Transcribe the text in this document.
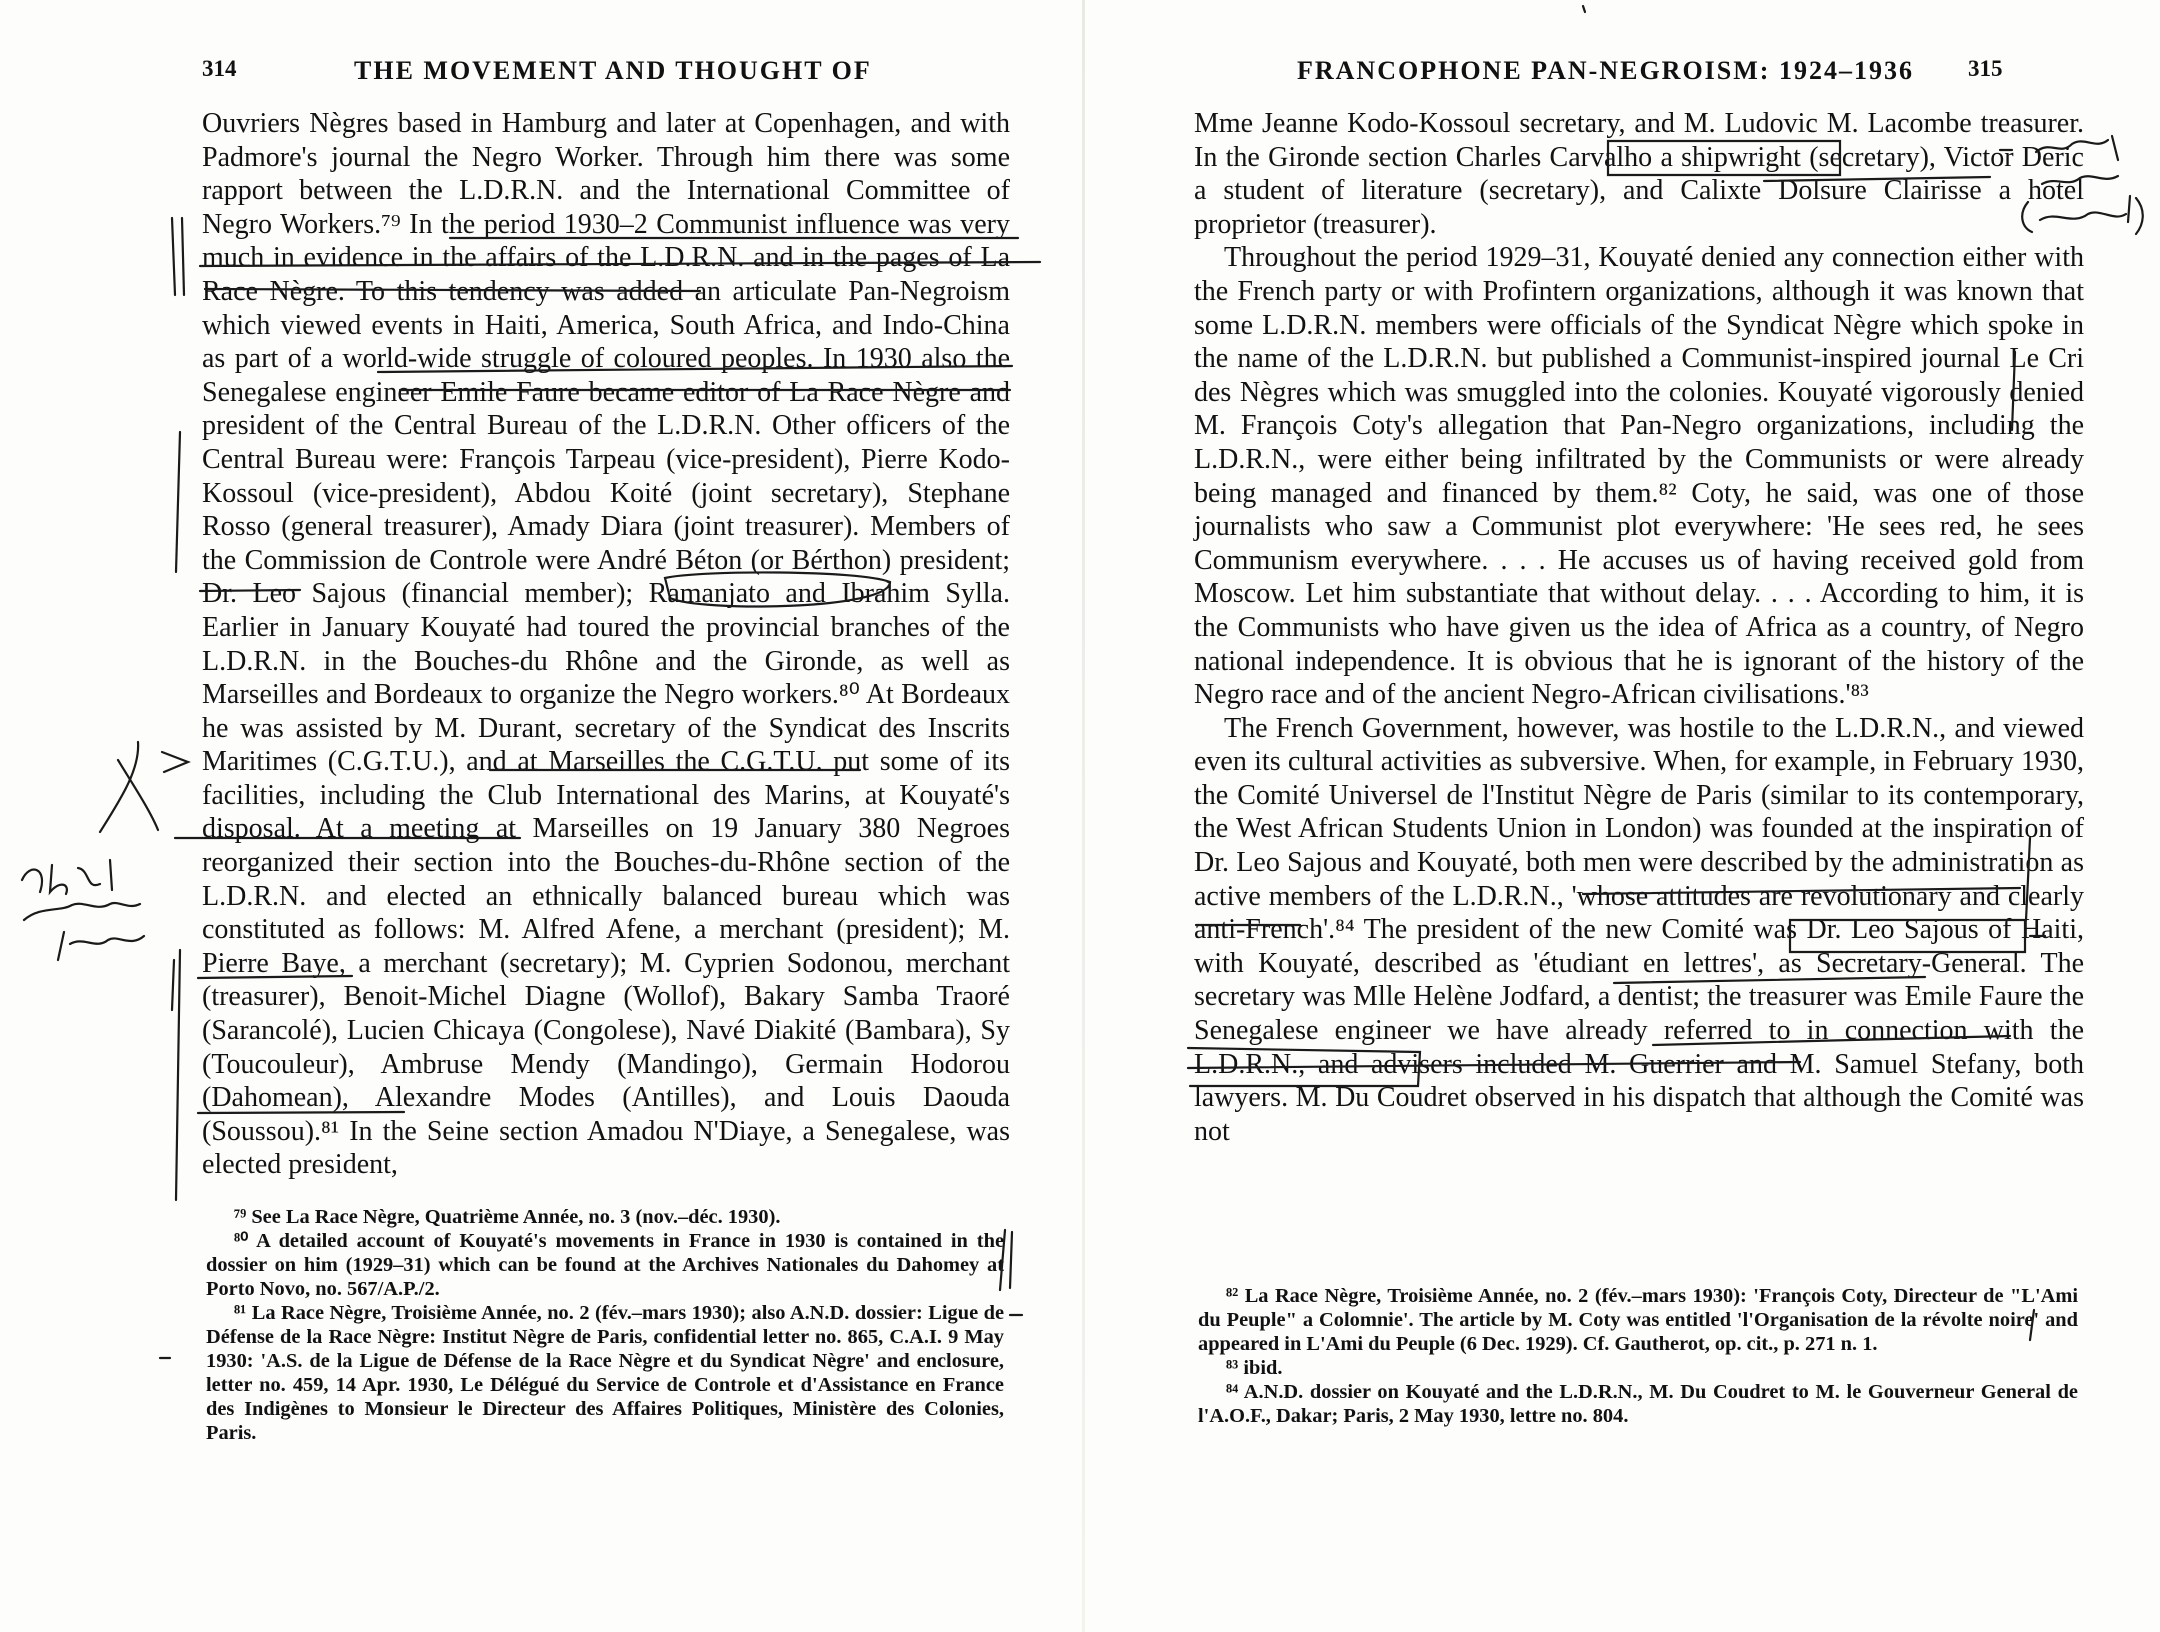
314	THE MOVEMENT AND THOUGHT OF

Ouvriers Nègres based in Hamburg and later at Copenhagen, and with Padmore's journal the Negro Worker. Through him there was some rapport between the L.D.R.N. and the International Committee of Negro Workers.⁷⁹ In the period 1930–2 Communist influence was very much in evidence in the affairs of the L.D.R.N. and in the pages of La Race Nègre. To this tendency was added an articulate Pan-Negroism which viewed events in Haiti, America, South Africa, and Indo-China as part of a world-wide struggle of coloured peoples. In 1930 also the Senegalese engineer Emile Faure became editor of La Race Nègre and president of the Central Bureau of the L.D.R.N. Other officers of the Central Bureau were: François Tarpeau (vice-president), Pierre Kodo-Kossoul (vice-president), Abdou Koité (joint secretary), Stephane Rosso (general treasurer), Amady Diara (joint treasurer). Members of the Commission de Controle were André Béton (or Bérthon) president; Dr. Leo Sajous (financial member); Ramanjato and Ibrahim Sylla. Earlier in January Kouyaté had toured the provincial branches of the L.D.R.N. in the Bouches-du Rhône and the Gironde, as well as Marseilles and Bordeaux to organize the Negro workers.⁸⁰ At Bordeaux he was assisted by M. Durant, secretary of the Syndicat des Inscrits Maritimes (C.G.T.U.), and at Marseilles the C.G.T.U. put some of its facilities, including the Club International des Marins, at Kouyaté's disposal. At a meeting at Marseilles on 19 January 380 Negroes reorganized their section into the Bouches-du-Rhône section of the L.D.R.N. and elected an ethnically balanced bureau which was constituted as follows: M. Alfred Afene, a merchant (president); M. Pierre Baye, a merchant (secretary); M. Cyprien Sodonou, merchant (treasurer), Benoit-Michel Diagne (Wollof), Bakary Samba Traoré (Sarancolé), Lucien Chicaya (Congolese), Navé Diakité (Bambara), Sy (Toucouleur), Ambruse Mendy (Mandingo), Germain Hodorou (Dahomean), Alexandre Modes (Antilles), and Louis Daouda (Soussou).⁸¹ In the Seine section Amadou N'Diaye, a Senegalese, was elected president,

⁷⁹ See La Race Nègre, Quatrième Année, no. 3 (nov.–déc. 1930).

⁸⁰ A detailed account of Kouyaté's movements in France in 1930 is contained in the dossier on him (1929–31) which can be found at the Archives Nationales du Dahomey at Porto Novo, no. 567/A.P./2.

⁸¹ La Race Nègre, Troisième Année, no. 2 (fév.–mars 1930); also A.N.D. dossier: Ligue de Défense de la Race Nègre: Institut Nègre de Paris, confidential letter no. 865, C.A.I. 9 May 1930: 'A.S. de la Ligue de Défense de la Race Nègre et du Syndicat Nègre' and enclosure, letter no. 459, 14 Apr. 1930, Le Délégué du Service de Controle et d'Assistance en France des Indigènes to Monsieur le Directeur des Affaires Politiques, Ministère des Colonies, Paris.

FRANCOPHONE PAN-NEGROISM: 1924–1936 315

Mme Jeanne Kodo-Kossoul secretary, and M. Ludovic M. Lacombe treasurer. In the Gironde section Charles Carvalho a shipwright (secretary), Victor Deric a student of literature (secretary), and Calixte Dolsure Clairisse a hotel proprietor (treasurer).

Throughout the period 1929–31, Kouyaté denied any connection either with the French party or with Profintern organizations, although it was known that some L.D.R.N. members were officials of the Syndicat Nègre which spoke in the name of the L.D.R.N. but published a Communist-inspired journal Le Cri des Nègres which was smuggled into the colonies. Kouyaté vigorously denied M. François Coty's allegation that Pan-Negro organizations, including the L.D.R.N., were either being infiltrated by the Communists or were already being managed and financed by them.⁸² Coty, he said, was one of those journalists who saw a Communist plot everywhere: 'He sees red, he sees Communism everywhere. . . . He accuses us of having received gold from Moscow. Let him substantiate that without delay. . . . According to him, it is the Communists who have given us the idea of Africa as a country, of Negro national independence. It is obvious that he is ignorant of the history of the Negro race and of the ancient Negro-African civilisations.'⁸³

The French Government, however, was hostile to the L.D.R.N., and viewed even its cultural activities as subversive. When, for example, in February 1930, the Comité Universel de l'Institut Nègre de Paris (similar to its contemporary, the West African Students Union in London) was founded at the inspiration of Dr. Leo Sajous and Kouyaté, both men were described by the administration as active members of the L.D.R.N., 'whose attitudes are revolutionary and clearly anti-French'.⁸⁴ The president of the new Comité was Dr. Leo Sajous of Haiti, with Kouyaté, described as 'étudiant en lettres', as Secretary-General. The secretary was Mlle Helène Jodfard, a dentist; the treasurer was Emile Faure the Senegalese engineer we have already referred to in connection with the L.D.R.N., and advisers included M. Guerrier and M. Samuel Stefany, both lawyers. M. Du Coudret observed in his dispatch that although the Comité was not

⁸² La Race Nègre, Troisième Année, no. 2 (fév.–mars 1930): 'François Coty, Directeur de "L'Ami du Peuple" a Colomnie'. The article by M. Coty was entitled 'l'Organisation de la révolte noire' and appeared in L'Ami du Peuple (6 Dec. 1929). Cf. Gautherot, op. cit., p. 271 n. 1.

⁸³ ibid.

⁸⁴ A.N.D. dossier on Kouyaté and the L.D.R.N., M. Du Coudret to M. le Gouverneur General de l'A.O.F., Dakar; Paris, 2 May 1930, lettre no. 804.
